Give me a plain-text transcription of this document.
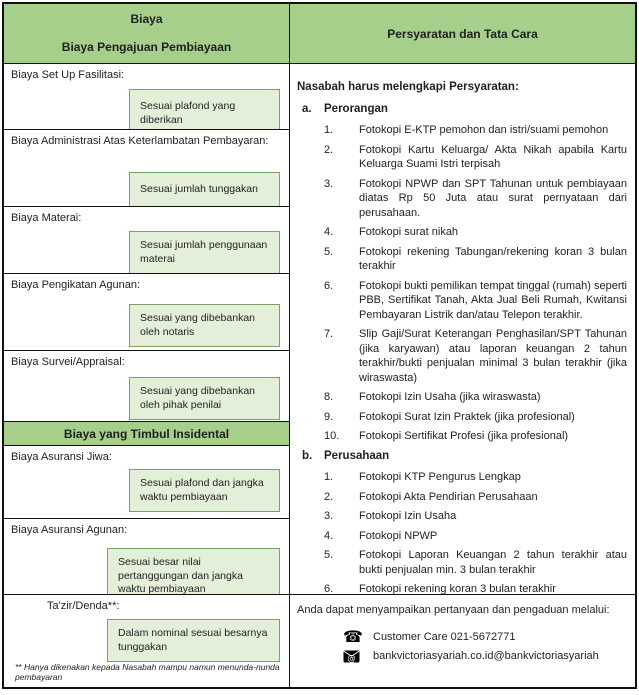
Biaya
Biaya Pengajuan Pembiayaan
Biaya Set Up Fasilitasi:
Sesuai plafond yang diberikan
Biaya Administrasi Atas Keterlambatan Pembayaran:
Sesuai jumlah tunggakan
Biaya Materai:
Sesuai jumlah penggunaan materai
Biaya Pengikatan Agunan:
Sesuai yang dibebankan oleh notaris
Biaya Survei/Appraisal:
Sesuai yang dibebankan oleh pihak penilai
Biaya yang Timbul Insidental
Biaya Asuransi Jiwa:
Sesuai plafond dan jangka waktu pembiayaan
Biaya Asuransi Agunan:
Sesuai besar nilai pertanggungan dan jangka waktu pembiayaan
Ta'zir/Denda**:
Dalam nominal sesuai besarnya tunggakan
** Hanya dikenakan kepada Nasabah mampu namun menunda-nunda pembayaran
Persyaratan dan Tata Cara
Nasabah harus melengkapi Persyaratan:
a.	Perorangan
1.	Fotokopi E-KTP pemohon dan istri/suami pemohon
2.	Fotokopi Kartu Keluarga/ Akta Nikah apabila Kartu Keluarga Suami Istri terpisah
3.	Fotokopi NPWP dan SPT Tahunan untuk pembiayaan diatas Rp 50 Juta atau surat pernyataan dari perusahaan.
4.	Fotokopi surat nikah
5.	Fotokopi rekening Tabungan/rekening koran 3 bulan terakhir
6.	Fotokopi bukti pemilikan tempat tinggal (rumah) seperti PBB, Sertifikat Tanah, Akta Jual Beli Rumah, Kwitansi Pembayaran Listrik dan/atau Telepon terakhir.
7.	Slip Gaji/Surat Keterangan Penghasilan/SPT Tahunan (jika karyawan) atau laporan keuangan 2 tahun terakhir/bukti penjualan minimal 3 bulan terakhir (jika wiraswasta)
8.	Fotokopi Izin Usaha (jika wiraswasta)
9.	Fotokopi Surat Izin Praktek (jika profesional)
10.	Fotokopi Sertifikat Profesi (jika profesional)
b.	Perusahaan
1.	Fotokopi KTP Pengurus Lengkap
2.	Fotokopi Akta Pendirian Perusahaan
3.	Fotokopi Izin Usaha
4.	Fotokopi NPWP
5.	Fotokopi Laporan Keuangan 2 tahun terakhir atau bukti penjualan min. 3 bulan terakhir
6.	Fotokopi rekening koran 3 bulan terakhir
Anda dapat menyampaikan pertanyaan dan pengaduan melalui:
☎ Customer Care 021-5672771
@ bankvictoriasyariah.co.id@bankvictoriasyariah
